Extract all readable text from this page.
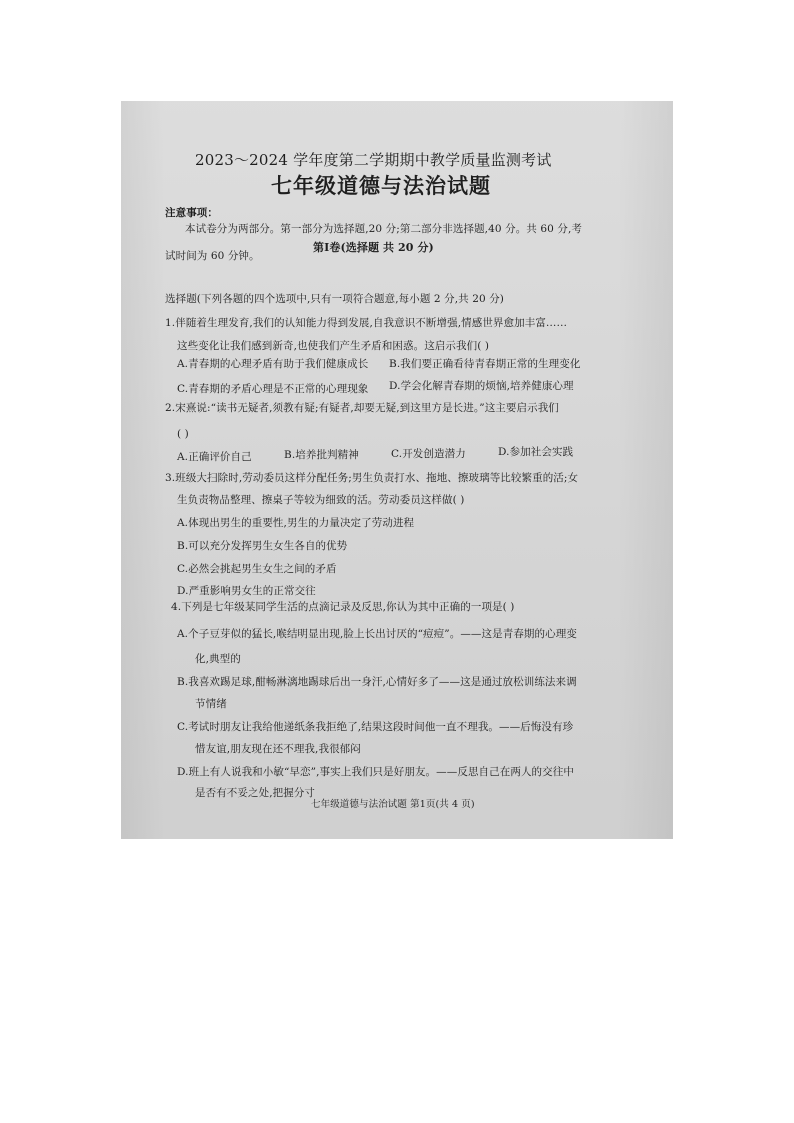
2023～2024 学年度第二学期期中教学质量监测考试
七年级道德与法治试题
注意事项：
本试卷分为两部分。第一部分为选择题,20 分;第二部分非选择题,40 分。共 60 分,考
试时间为 60 分钟。
第Ⅰ卷(选择题 共 20 分)
选择题(下列各题的四个选项中,只有一项符合题意,每小题 2 分,共 20 分)
1.伴随着生理发育,我们的认知能力得到发展,自我意识不断增强,情感世界愈加丰富……
这些变化让我们感到新奇,也使我们产生矛盾和困惑。这启示我们( )
A.青春期的心理矛盾有助于我们健康成长 B.我们要正确看待青春期正常的生理变化
C.青春期的矛盾心理是不正常的心理现象 D.学会化解青春期的烦恼,培养健康心理
2.宋熹说:“读书无疑者,须教有疑;有疑者,却要无疑,到这里方是长进。”这主要启示我们
( )
A.正确评价自己	B.培养批判精神	C.开发创造潜力	D.参加社会实践
3.班级大扫除时,劳动委员这样分配任务;男生负责打水、拖地、擦玻璃等比较繁重的活;女
生负责物品整理、擦桌子等较为细致的活。劳动委员这样做( )
A.体现出男生的重要性,男生的力量决定了劳动进程
B.可以充分发挥男生女生各自的优势
C.必然会挑起男生女生之间的矛盾
D.严重影响男女生的正常交往
4.下列是七年级某同学生活的点滴记录及反思,你认为其中正确的一项是( )
A.个子豆芽似的猛长,喉结明显出现,脸上长出讨厌的“痘痘”。——这是青春期的心理变
化,典型的
B.我喜欢踢足球,酣畅淋漓地踢球后出一身汗,心情好多了——这是通过放松训练法来调
节情绪
C.考试时朋友让我给他递纸条我拒绝了,结果这段时间他一直不理我。——后悔没有珍
惜友谊,朋友现在还不理我,我很郁闷
D.班上有人说我和小敏“早恋”,事实上我们只是好朋友。——反思自己在两人的交往中
是否有不妥之处,把握分寸
七年级道德与法治试题 第1页(共 4 页)
